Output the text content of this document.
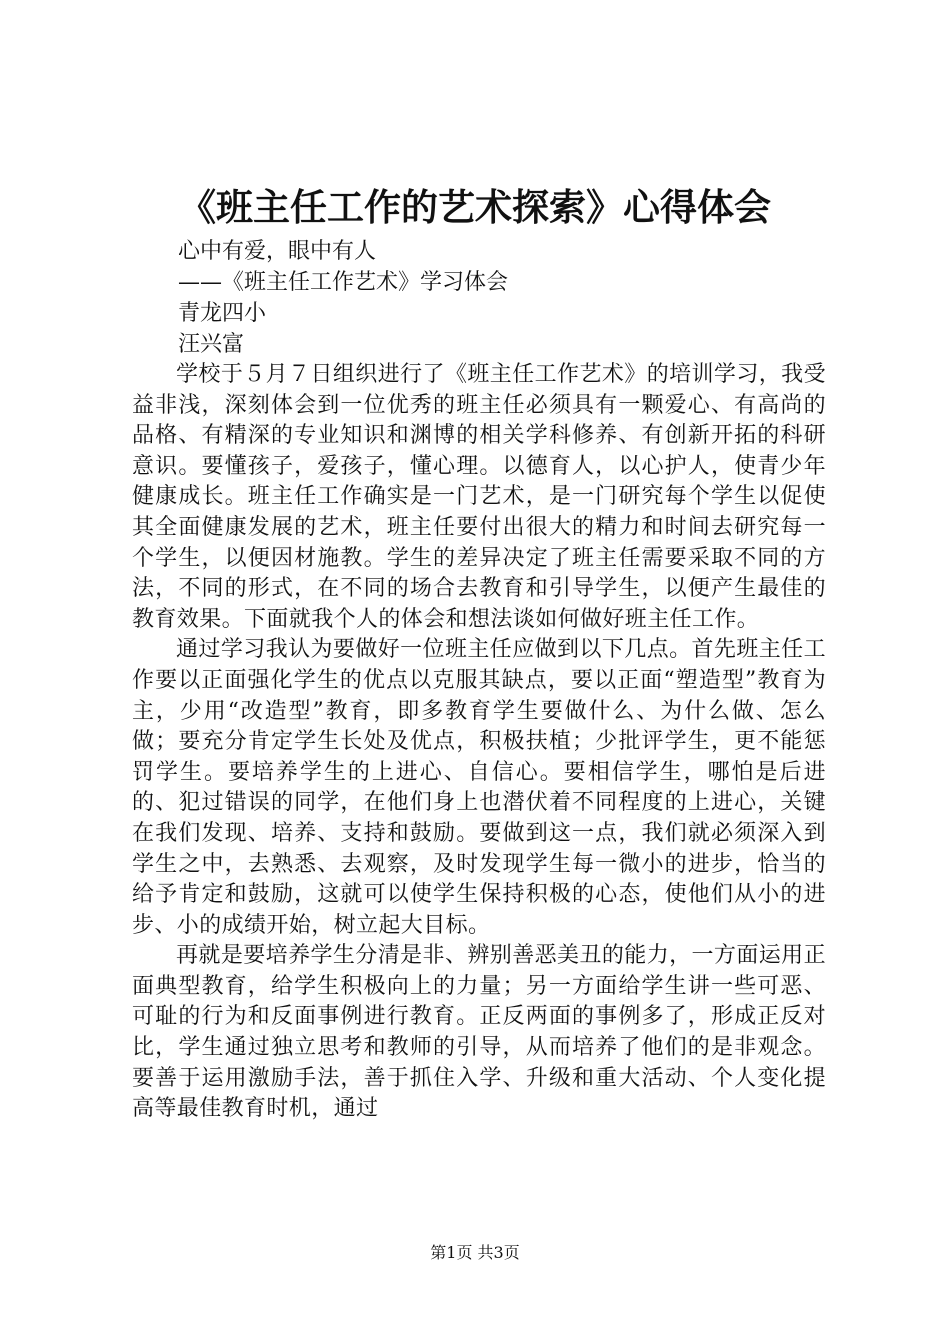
《班主任工作的艺术探索》心得体会
心中有爱，眼中有人
——《班主任工作艺术》学习体会
青龙四小
汪兴富

学校于５月７日组织进行了《班主任工作艺术》的培训学习，我受益非浅，深刻体会到一位优秀的班主任必须具有一颗爱心、有高尚的品格、有精深的专业知识和渊博的相关学科修养、有创新开拓的科研意识。要懂孩子，爱孩子，懂心理。以德育人，以心护人，使青少年健康成长。班主任工作确实是一门艺术，是一门研究每个学生以促使其全面健康发展的艺术，班主任要付出很大的精力和时间去研究每一个学生，以便因材施教。学生的差异决定了班主任需要采取不同的方法，不同的形式，在不同的场合去教育和引导学生，以便产生最佳的教育效果。下面就我个人的体会和想法谈如何做好班主任工作。

通过学习我认为要做好一位班主任应做到以下几点。首先班主任工作要以正面强化学生的优点以克服其缺点，要以正面“塑造型”教育为主，少用“改造型”教育，即多教育学生要做什么、为什么做、怎么做；要充分肯定学生长处及优点，积极扶植；少批评学生，更不能惩罚学生。要培养学生的上进心、自信心。要相信学生，哪怕是后进的、犯过错误的同学，在他们身上也潜伏着不同程度的上进心，关键在我们发现、培养、支持和鼓励。要做到这一点，我们就必须深入到学生之中，去熟悉、去观察，及时发现学生每一微小的进步，恰当的给予肯定和鼓励，这就可以使学生保持积极的心态，使他们从小的进步、小的成绩开始，树立起大目标。

再就是要培养学生分清是非、辨别善恶美丑的能力，一方面运用正面典型教育，给学生积极向上的力量；另一方面给学生讲一些可恶、可耻的行为和反面事例进行教育。正反两面的事例多了，形成正反对比，学生通过独立思考和教师的引导，从而培养了他们的是非观念。要善于运用激励手法，善于抓住入学、升级和重大活动、个人变化提高等最佳教育时机，通过

第1页 共3页
